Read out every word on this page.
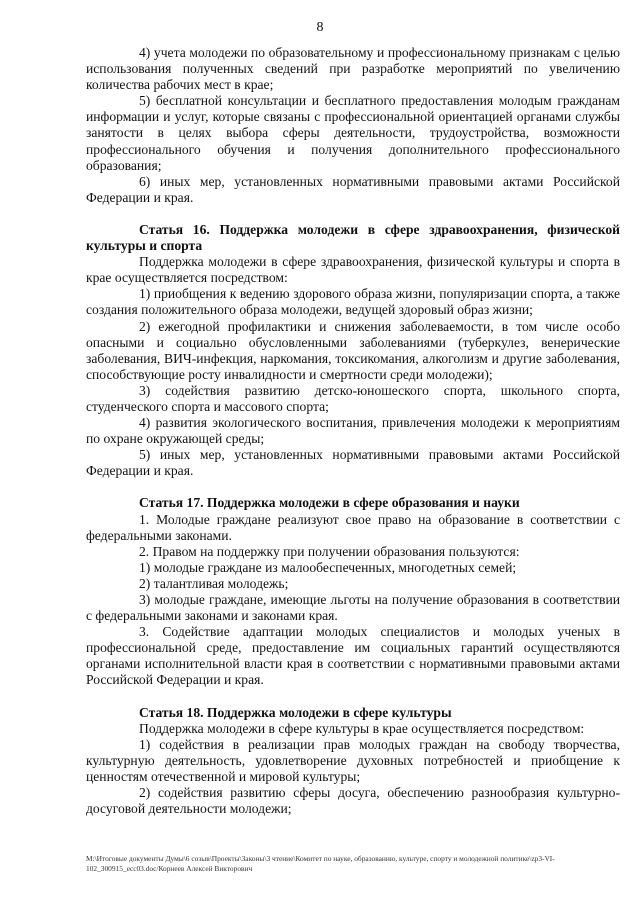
8

4) учета молодежи по образовательному и профессиональному признакам с целью использования полученных сведений при разработке мероприятий по увеличению количества рабочих мест в крае;

5) бесплатной консультации и бесплатного предоставления молодым гражданам информации и услуг, которые связаны с профессиональной ориентацией органами службы занятости в целях выбора сферы деятельности, трудоустройства, возможности профессионального обучения и получения дополнительного профессионального образования;

6) иных мер, установленных нормативными правовыми актами Российской Федерации и края.

Статья 16. Поддержка молодежи в сфере здравоохранения, физической культуры и спорта

Поддержка молодежи в сфере здравоохранения, физической культуры и спорта в крае осуществляется посредством:

1) приобщения к ведению здорового образа жизни, популяризации спорта, а также создания положительного образа молодежи, ведущей здоровый образ жизни;

2) ежегодной профилактики и снижения заболеваемости, в том числе особо опасными и социально обусловленными заболеваниями (туберкулез, венерические заболевания, ВИЧ-инфекция, наркомания, токсикомания, алкоголизм и другие заболевания, способствующие росту инвалидности и смертности среди молодежи);

3) содействия развитию детско-юношеского спорта, школьного спорта, студенческого спорта и массового спорта;

4) развития экологического воспитания, привлечения молодежи к мероприятиям по охране окружающей среды;

5) иных мер, установленных нормативными правовыми актами Российской Федерации и края.

Статья 17. Поддержка молодежи в сфере образования и науки

1. Молодые граждане реализуют свое право на образование в соответствии с федеральными законами.

2. Правом на поддержку при получении образования пользуются:

1) молодые граждане из малообеспеченных, многодетных семей;

2) талантливая молодежь;

3) молодые граждане, имеющие льготы на получение образования в соответствии с федеральными законами и законами края.

3. Содействие адаптации молодых специалистов и молодых ученых в профессиональной среде, предоставление им социальных гарантий осуществляются органами исполнительной власти края в соответствии с нормативными правовыми актами Российской Федерации и края.

Статья 18. Поддержка молодежи в сфере культуры

Поддержка молодежи в сфере культуры в крае осуществляется посредством:

1) содействия в реализации прав молодых граждан на свободу творчества, культурную деятельность, удовлетворение духовных потребностей и приобщение к ценностям отечественной и мировой культуры;

2) содействия развитию сферы досуга, обеспечению разнообразия культурно-досуговой деятельности молодежи;

М:\Итоговые документы Думы\6 созыв\Проекты\Законы\3 чтение\Комитет по науке, образованию, культуре, спорту и молодежной политике\zp3-VI-
102_300915_ecc03.doc/Корнеев Алексей Викторович
